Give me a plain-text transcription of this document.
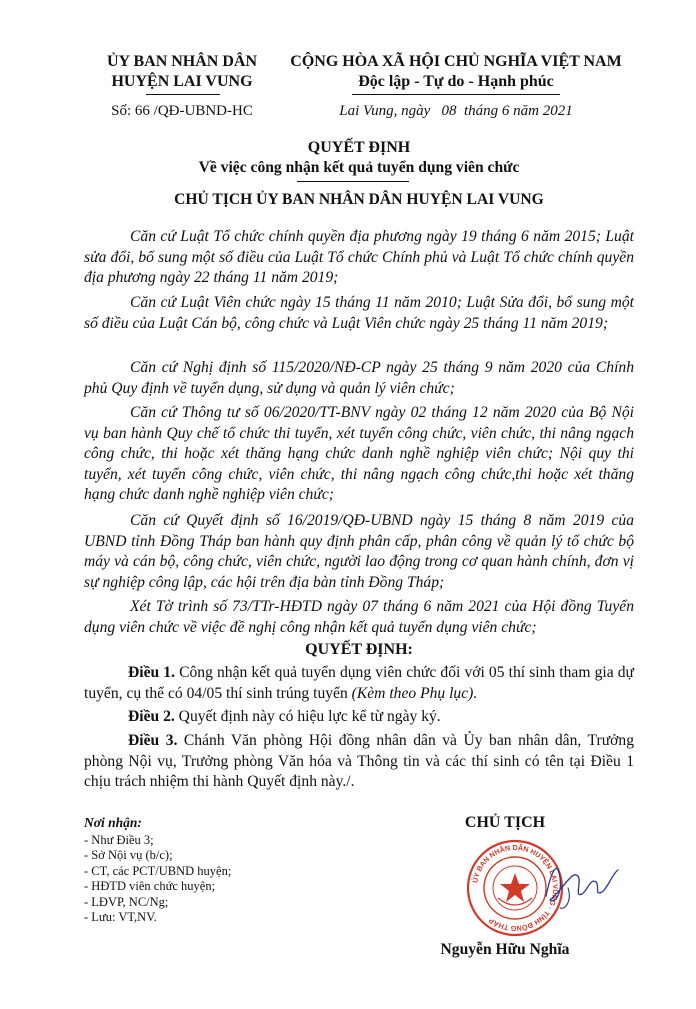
ỦY BAN NHÂN DÂN
HUYỆN LAI VUNG
Số: 66 /QĐ-UBND-HC
CỘNG HÒA XÃ HỘI CHỦ NGHĨA VIỆT NAM
Độc lập - Tự do - Hạnh phúc
Lai Vung, ngày   08  tháng 6 năm 2021
QUYẾT ĐỊNH
Về việc công nhận kết quả tuyển dụng viên chức
CHỦ TỊCH ỦY BAN NHÂN DÂN HUYỆN LAI VUNG
Căn cứ Luật Tổ chức chính quyền địa phương ngày 19 tháng 6 năm 2015; Luật sửa đổi, bổ sung một số điều của Luật Tổ chức Chính phủ và Luật Tổ chức chính quyền địa phương ngày 22 tháng 11 năm 2019;
Căn cứ Luật Viên chức ngày 15 tháng 11 năm 2010; Luật Sửa đổi, bổ sung một số điều của Luật Cán bộ, công chức và Luật Viên chức ngày 25 tháng 11 năm 2019;
Căn cứ Nghị định số 115/2020/NĐ-CP ngày 25 tháng 9 năm 2020 của Chính phủ Quy định về tuyển dụng, sử dụng và quản lý viên chức;
Căn cứ Thông tư số 06/2020/TT-BNV ngày 02 tháng 12 năm 2020 của Bộ Nội vụ ban hành Quy chế tổ chức thi tuyển, xét tuyển công chức, viên chức, thi nâng ngạch công chức, thi hoặc xét thăng hạng chức danh nghề nghiệp viên chức; Nội quy thi tuyển, xét tuyển công chức, viên chức, thi nâng ngạch công chức,thi hoặc xét thăng hạng chức danh nghề nghiệp viên chức;
Căn cứ Quyết định số 16/2019/QĐ-UBND ngày 15 tháng 8 năm 2019 của UBND tỉnh Đồng Tháp ban hành quy định phân cấp, phân công về quản lý tổ chức bộ máy và cán bộ, công chức, viên chức, người lao động trong cơ quan hành chính, đơn vị sự nghiệp công lập, các hội trên địa bàn tỉnh Đồng Tháp;
Xét Tờ trình số 73/TTr-HĐTD ngày 07 tháng 6 năm 2021 của Hội đồng Tuyển dụng viên chức về việc đề nghị công nhận kết quả tuyển dụng viên chức;
QUYẾT ĐỊNH:
Điều 1. Công nhận kết quả tuyển dụng viên chức đối với 05 thí sinh tham gia dự tuyển, cụ thể có 04/05 thí sinh trúng tuyển (Kèm theo Phụ lục).
Điều 2. Quyết định này có hiệu lực kể từ ngày ký.
Điều 3. Chánh Văn phòng Hội đồng nhân dân và Ủy ban nhân dân, Trưởng phòng Nội vụ, Trưởng phòng Văn hóa và Thông tin và các thí sinh có tên tại Điều 1 chịu trách nhiệm thi hành Quyết định này./.
Nơi nhận:
- Như Điều 3;
- Sở Nội vụ (b/c);
- CT, các PCT/UBND huyện;
- HĐTD viên chức huyện;
- LĐVP, NC/Ng;
- Lưu: VT,NV.
CHỦ TỊCH
ỦY BAN NHÂN DÂN HUYỆN LAI VUNG · TỈNH ĐỒNG THÁP
Nguyễn Hữu Nghĩa
